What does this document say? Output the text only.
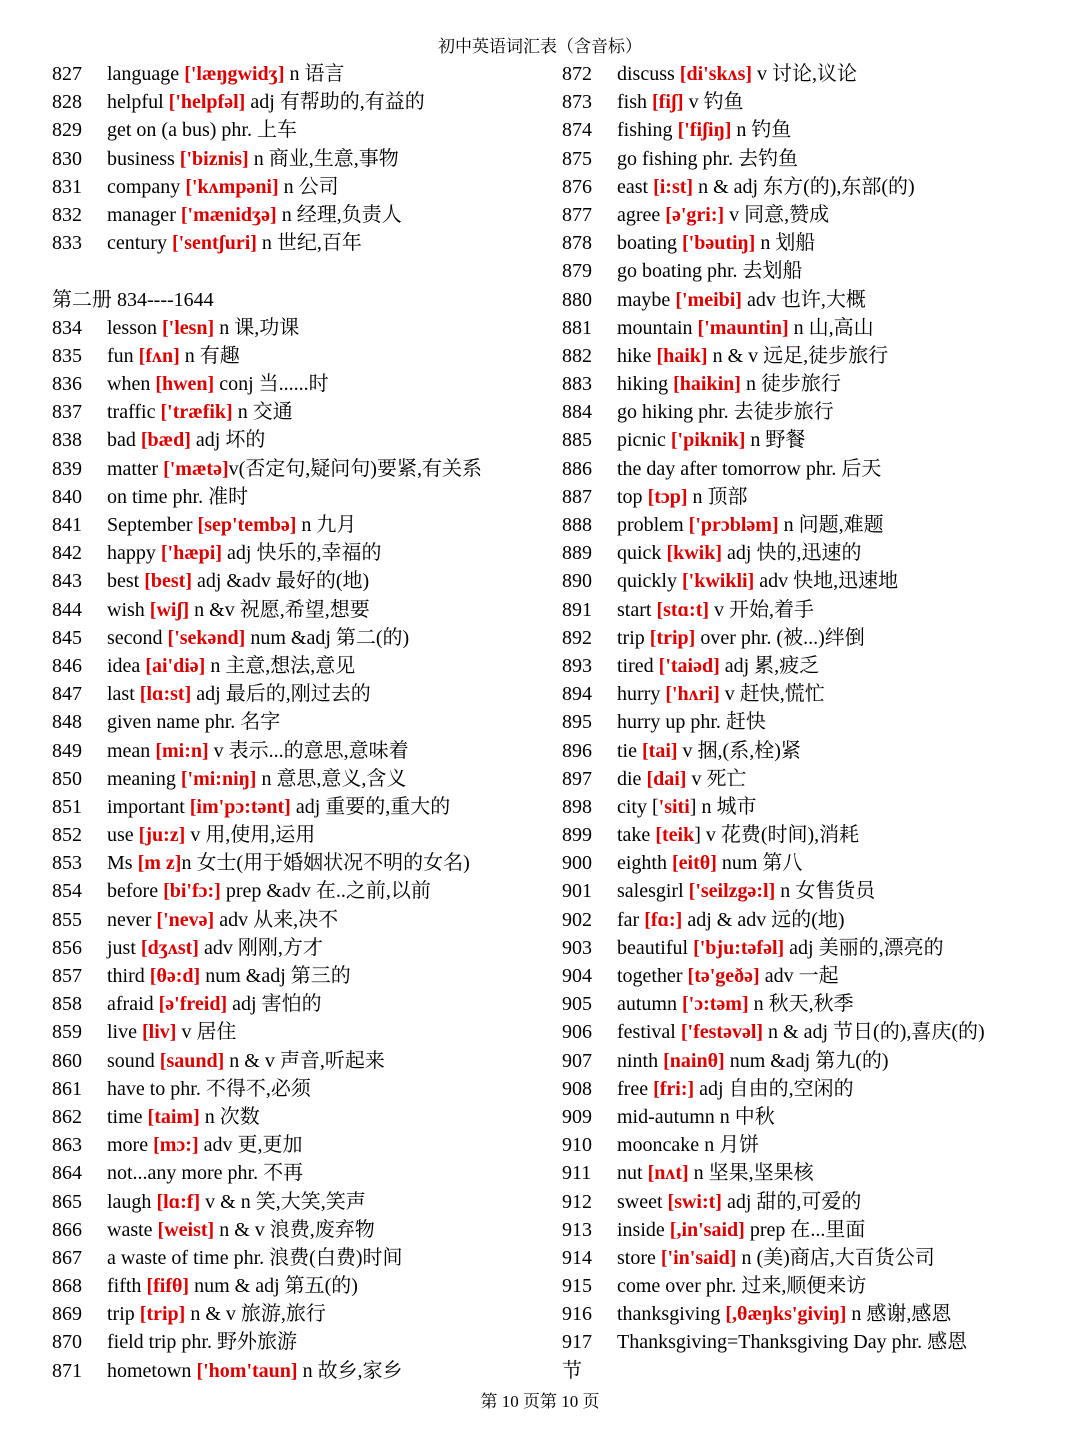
初中英语词汇表（含音标）
827 language ['læŋgwidʒ] n 语言
828 helpful ['helpfəl] adj 有帮助的,有益的
829 get on (a bus) phr. 上车
830 business ['biznis] n 商业,生意,事物
831 company ['kʌmpəni] n 公司
832 manager ['mænidʒə] n 经理,负责人
833 century ['sentʃuri] n 世纪,百年
第二册 834----1644
834 lesson ['lesn] n 课,功课
835 fun [fʌn] n 有趣
836 when [hwen] conj 当......时
837 traffic ['træfik] n 交通
838 bad [bæd] adj 坏的
839 matter ['mætə]v(否定句,疑问句)要紧,有关系
840 on time phr. 准时
841 September [sep'tembə] n 九月
842 happy ['hæpi] adj 快乐的,幸福的
843 best [best] adj &adv 最好的(地)
844 wish [wiʃ] n &v 祝愿,希望,想要
845 second ['sekənd] num &adj 第二(的)
846 idea [ai'diə] n 主意,想法,意见
847 last [lɑ:st] adj 最后的,刚过去的
848 given name phr. 名字
849 mean [mi:n] v 表示...的意思,意味着
850 meaning ['mi:niŋ] n 意思,意义,含义
851 important [im'pɔ:tənt] adj 重要的,重大的
852 use [ju:z] v 用,使用,运用
853 Ms [m z]n 女士(用于婚姻状况不明的女名)
854 before [bi'fɔ:] prep &adv 在..之前,以前
855 never ['nevə] adv 从来,决不
856 just [dʒʌst] adv 刚刚,方才
857 third [θə:d] num &adj 第三的
858 afraid [ə'freid] adj 害怕的
859 live [liv] v 居住
860 sound [saund] n & v 声音,听起来
861 have to phr. 不得不,必须
862 time [taim] n 次数
863 more [mɔ:] adv 更,更加
864 not...any more phr. 不再
865 laugh [lɑ:f] v & n 笑,大笑,笑声
866 waste [weist] n & v 浪费,废弃物
867 a waste of time phr. 浪费(白费)时间
868 fifth [fifθ] num & adj 第五(的)
869 trip [trip] n & v 旅游,旅行
870 field trip phr. 野外旅游
871 hometown ['hom'taun] n 故乡,家乡
872 discuss [di'skʌs] v 讨论,议论
873 fish [fiʃ] v 钓鱼
874 fishing ['fiʃiŋ] n 钓鱼
875 go fishing phr. 去钓鱼
876 east [i:st] n & adj 东方(的),东部(的)
877 agree [ə'gri:] v 同意,赞成
878 boating ['bəutiŋ] n 划船
879 go boating phr. 去划船
880 maybe ['meibi] adv 也许,大概
881 mountain ['mauntin] n 山,高山
882 hike [haik] n & v 远足,徒步旅行
883 hiking [haikin] n 徒步旅行
884 go hiking phr. 去徒步旅行
885 picnic ['piknik] n 野餐
886 the day after tomorrow phr. 后天
887 top [tɔp] n 顶部
888 problem ['prɔbləm] n 问题,难题
889 quick [kwik] adj 快的,迅速的
890 quickly ['kwikli] adv 快地,迅速地
891 start [stɑ:t] v 开始,着手
892 trip [trip] over phr. (被...)绊倒
893 tired ['taiəd] adj 累,疲乏
894 hurry ['hʌri] v 赶快,慌忙
895 hurry up phr. 赶快
896 tie [tai] v 捆,(系,栓)紧
897 die [dai] v 死亡
898 city ['siti] n 城市
899 take [teik] v 花费(时间),消耗
900 eighth [eitθ] num 第八
901 salesgirl ['seilzgə:l] n 女售货员
902 far [fɑ:] adj & adv 远的(地)
903 beautiful ['bju:təfəl] adj 美丽的,漂亮的
904 together [tə'geðə] adv 一起
905 autumn ['ɔ:təm] n 秋天,秋季
906 festival ['festəvəl] n & adj 节日(的),喜庆(的)
907 ninth [nainθ] num &adj 第九(的)
908 free [fri:] adj 自由的,空闲的
909 mid-autumn n 中秋
910 mooncake n 月饼
911 nut [nʌt] n 坚果,坚果核
912 sweet [swi:t] adj 甜的,可爱的
913 inside [,in'said] prep 在...里面
914 store ['in'said] n (美)商店,大百货公司
915 come over phr. 过来,顺便来访
916 thanksgiving [,θæŋks'giviŋ] n 感谢,感恩
917 Thanksgiving=Thanksgiving Day phr. 感恩
节
第 10 页第 10 页
